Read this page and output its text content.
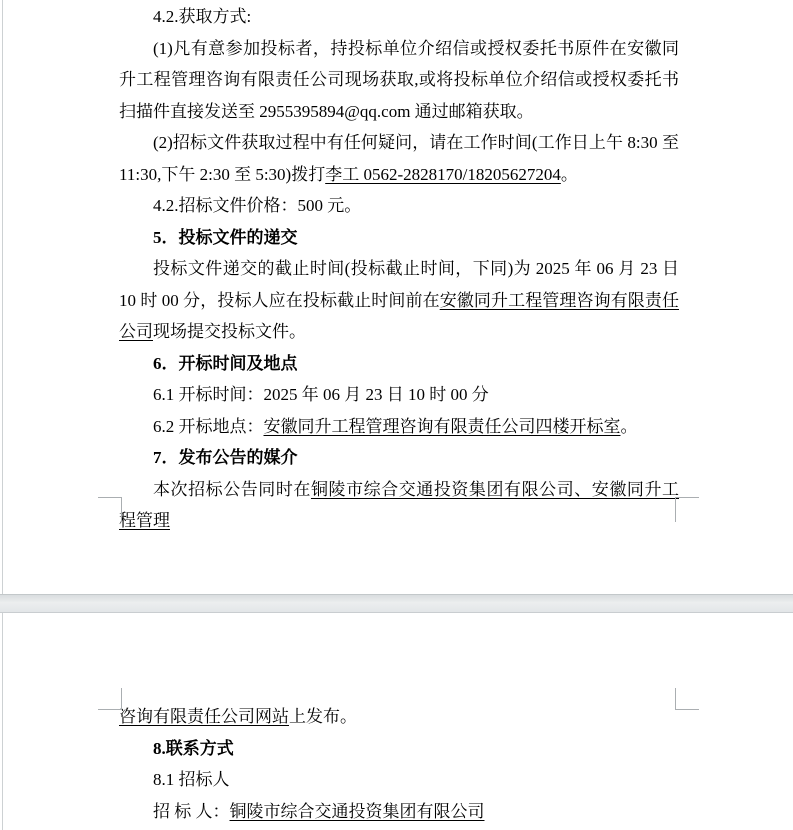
4.2.获取方式:

(1)凡有意参加投标者，持投标单位介绍信或授权委托书原件在安徽同升工程管理咨询有限责任公司现场获取,或将投标单位介绍信或授权委托书扫描件直接发送至 2955395894@qq.com 通过邮箱获取。

(2)招标文件获取过程中有任何疑问，请在工作时间(工作日上午 8:30 至 11:30,下午 2:30 至 5:30)拨打李工 0562-2828170/18205627204。

4.2.招标文件价格：500 元。

5．投标文件的递交

投标文件递交的截止时间(投标截止时间，下同)为 2025 年 06 月 23 日 10 时 00 分，投标人应在投标截止时间前在安徽同升工程管理咨询有限责任公司现场提交投标文件。

6．开标时间及地点

6.1 开标时间：2025 年 06 月 23 日 10 时 00 分

6.2 开标地点：安徽同升工程管理咨询有限责任公司四楼开标室。

7．发布公告的媒介

本次招标公告同时在铜陵市综合交通投资集团有限公司、安徽同升工程管理

咨询有限责任公司网站上发布。

8.联系方式

8.1 招标人

招 标 人：铜陵市综合交通投资集团有限公司
